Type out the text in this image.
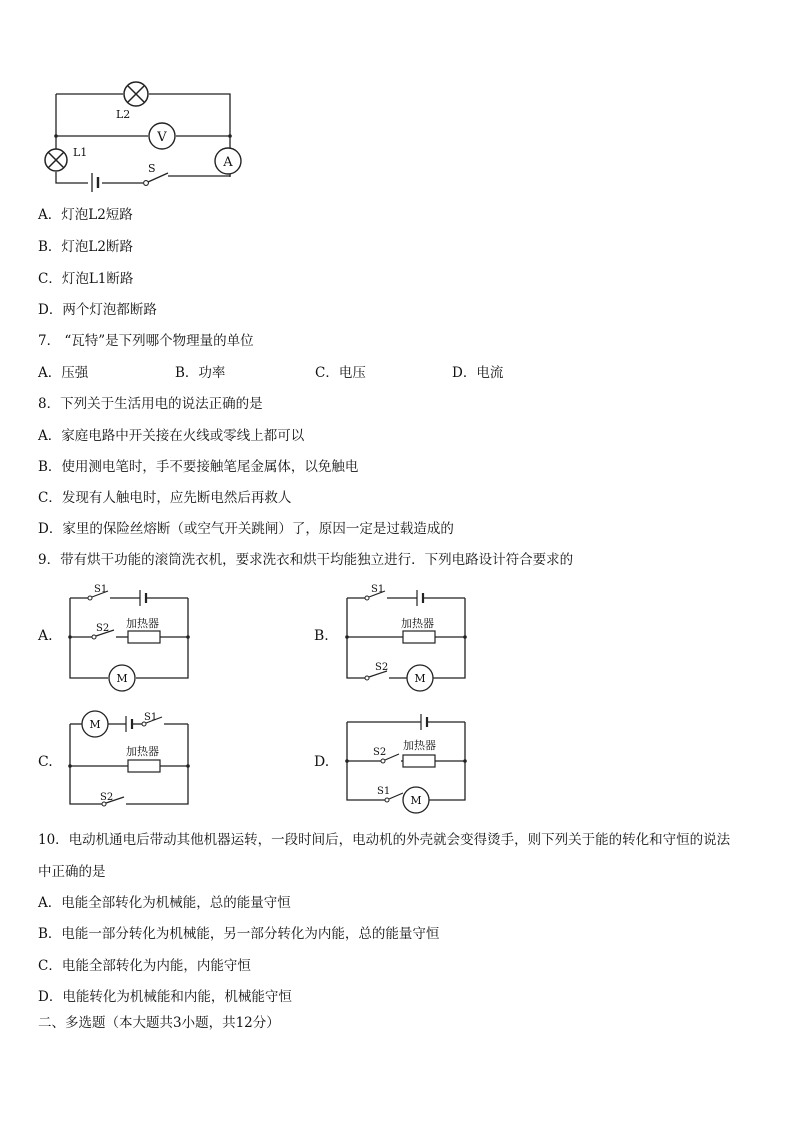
V
A
L2
L1
S
A．灯泡L2短路
B．灯泡L2断路
C．灯泡L1断路
D．两个灯泡都断路
7． “瓦特”是下列哪个物理量的单位
A．压强	B．功率	C．电压	D．电流
8．下列关于生活用电的说法正确的是
A．家庭电路中开关接在火线或零线上都可以
B．使用测电笔时，手不要接触笔尾金属体，以免触电
C．发现有人触电时，应先断电然后再救人
D．家里的保险丝熔断（或空气开关跳闸）了，原因一定是过载造成的
9．带有烘干功能的滚筒洗衣机，要求洗衣和烘干均能独立进行．下列电路设计符合要求的
A.
M
S1
S2 加热器
B.
M
S1
S2
加热器
C.
M
S1
S2
加热器
D.
M
S1
S2
加热器
10．电动机通电后带动其他机器运转，一段时间后，电动机的外壳就会变得烫手，则下列关于能的转化和守恒的说法
中正确的是
A．电能全部转化为机械能，总的能量守恒
B．电能一部分转化为机械能，另一部分转化为内能，总的能量守恒
C．电能全部转化为内能，内能守恒
D．电能转化为机械能和内能，机械能守恒
二、多选题（本大题共3小题，共12分）
